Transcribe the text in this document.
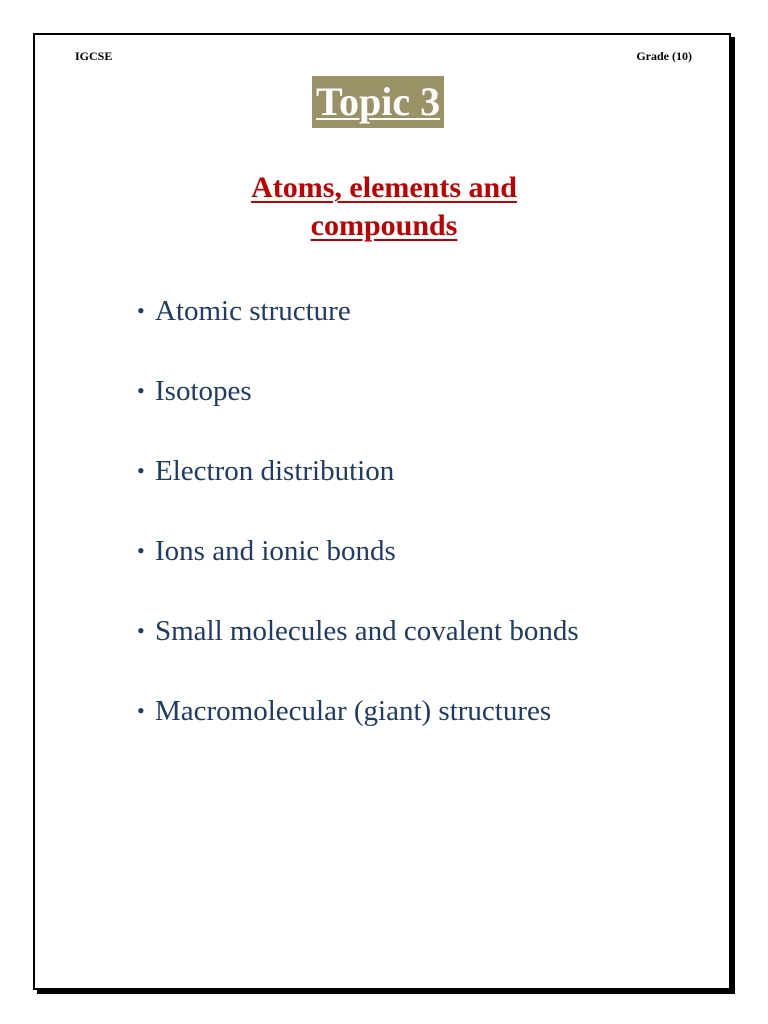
IGCSE	Grade (10)
Topic 3
Atoms, elements and
compounds
• Atomic structure
• Isotopes
• Electron distribution
• Ions and ionic bonds
• Small molecules and covalent bonds
• Macromolecular (giant) structures
